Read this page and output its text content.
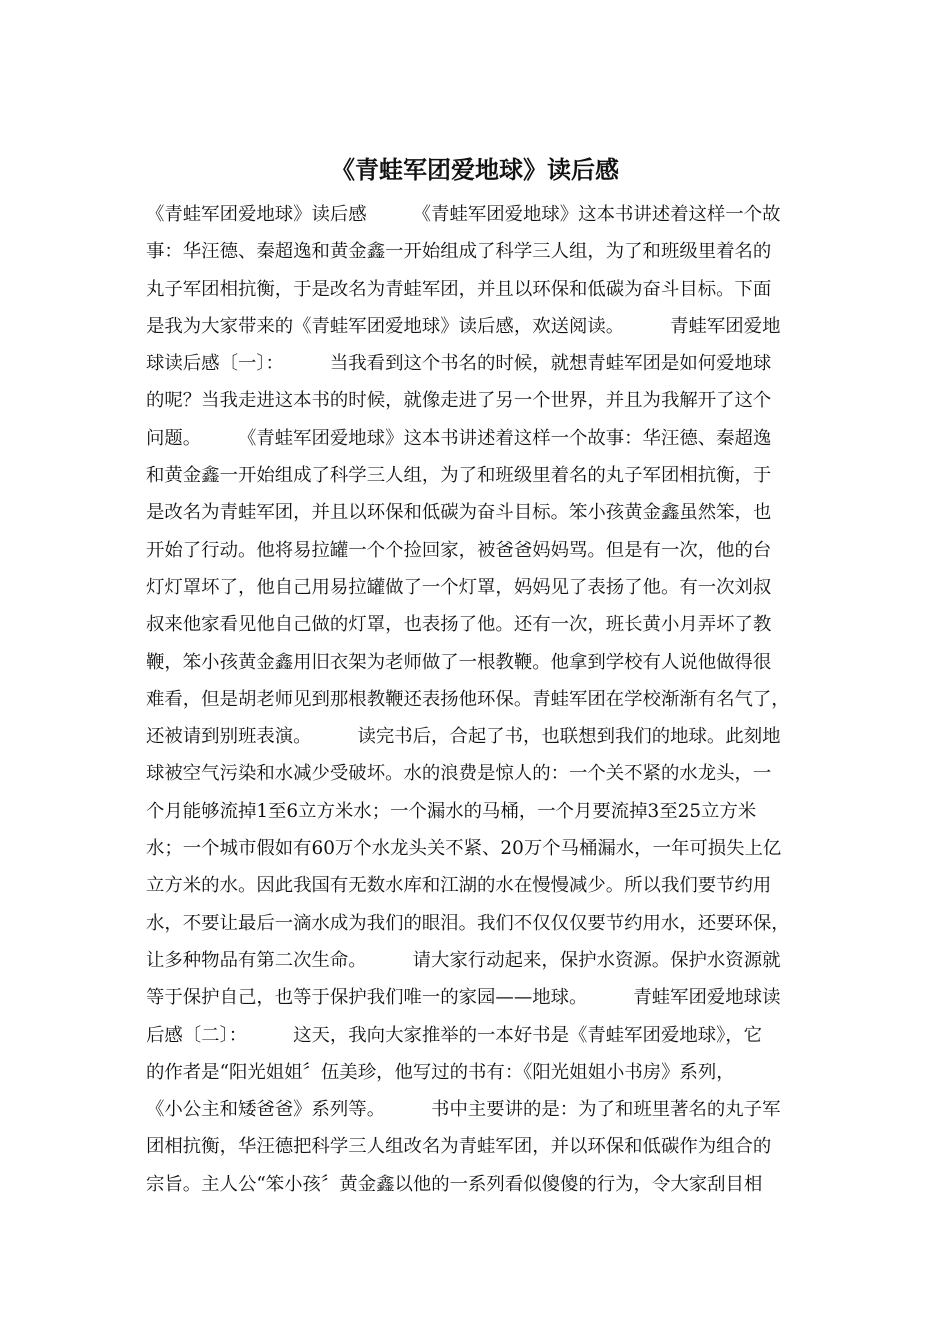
《青蛙军团爱地球》读后感
《青蛙军团爱地球》读后感　　　《青蛙军团爱地球》这本书讲述着这样一个故
事：华汪德、秦超逸和黄金鑫一开始组成了科学三人组，为了和班级里着名的
丸子军团相抗衡，于是改名为青蛙军团，并且以环保和低碳为奋斗目标。下面
是我为大家带来的《青蛙军团爱地球》读后感，欢送阅读。　　　青蛙军团爱地
球读后感〔一〕：　　　当我看到这个书名的时候，就想青蛙军团是如何爱地球
的呢？当我走进这本书的时候，就像走进了另一个世界，并且为我解开了这个
问题。　　　《青蛙军团爱地球》这本书讲述着这样一个故事：华汪德、秦超逸
和黄金鑫一开始组成了科学三人组，为了和班级里着名的丸子军团相抗衡，于
是改名为青蛙军团，并且以环保和低碳为奋斗目标。笨小孩黄金鑫虽然笨，也
开始了行动。他将易拉罐一个个捡回家，被爸爸妈妈骂。但是有一次，他的台
灯灯罩坏了，他自己用易拉罐做了一个灯罩，妈妈见了表扬了他。有一次刘叔
叔来他家看见他自己做的灯罩，也表扬了他。还有一次，班长黄小月弄坏了教
鞭，笨小孩黄金鑫用旧衣架为老师做了一根教鞭。他拿到学校有人说他做得很
难看，但是胡老师见到那根教鞭还表扬他环保。青蛙军团在学校渐渐有名气了，
还被请到别班表演。　　　读完书后，合起了书，也联想到我们的地球。此刻地
球被空气污染和水减少受破坏。水的浪费是惊人的：一个关不紧的水龙头，一
个月能够流掉1至6立方米水；一个漏水的马桶，一个月要流掉3至25立方米
水；一个城市假如有60万个水龙头关不紧、20万个马桶漏水，一年可损失上亿
立方米的水。因此我国有无数水库和江湖的水在慢慢减少。所以我们要节约用
水，不要让最后一滴水成为我们的眼泪。我们不仅仅仅要节约用水，还要环保，
让多种物品有第二次生命。　　　请大家行动起来，保护水资源。保护水资源就
等于保护自己，也等于保护我们唯一的家园——地球。　　　青蛙军团爱地球读
后感〔二〕：　　　这天，我向大家推举的一本好书是《青蛙军团爱地球》，它
的作者是“阳光姐姐〞伍美珍，他写过的书有：《阳光姐姐小书房》系列，
《小公主和矮爸爸》系列等。　　　书中主要讲的是：为了和班里著名的丸子军
团相抗衡，华汪德把科学三人组改名为青蛙军团，并以环保和低碳作为组合的
宗旨。主人公“笨小孩〞黄金鑫以他的一系列看似傻傻的行为，令大家刮目相
